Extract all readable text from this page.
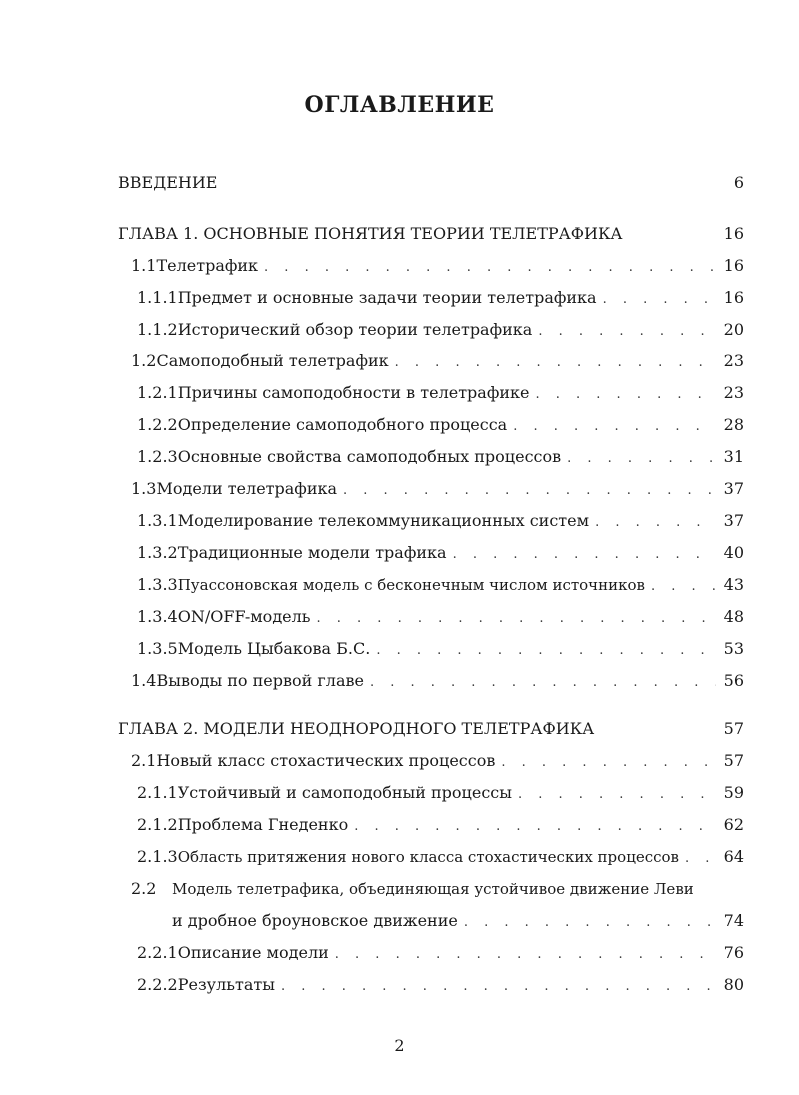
ОГЛАВЛЕНИЕ
ВВЕДЕНИЕ	6
ГЛАВА 1. ОСНОВНЫЕ ПОНЯТИЯ ТЕОРИИ ТЕЛЕТРАФИКА	16
1.1 Телетрафик . . .	16
1.1.1 Предмет и основные задачи теории телетрафика . . .	16
1.1.2 Исторический обзор теории телетрафика . . .	20
1.2 Самоподобный телетрафик . . .	23
1.2.1 Причины самоподобности в телетрафике . . .	23
1.2.2 Определение самоподобного процесса . . .	28
1.2.3 Основные свойства самоподобных процессов . . .	31
1.3 Модели телетрафика . . .	37
1.3.1 Моделирование телекоммуникационных систем . . .	37
1.3.2 Традиционные модели трафика . . .	40
1.3.3 Пуассоновская модель с бесконечным числом источников . . .	43
1.3.4 ON/OFF-модель . . .	48
1.3.5 Модель Цыбакова Б.С. . . .	53
1.4 Выводы по первой главе . . .	56
ГЛАВА 2. МОДЕЛИ НЕОДНОРОДНОГО ТЕЛЕТРАФИКА	57
2.1 Новый класс стохастических процессов . . .	57
2.1.1 Устойчивый и самоподобный процессы . . .	59
2.1.2 Проблема Гнеденко . . .	62
2.1.3 Область притяжения нового класса стохастических процессов . . .	64
2.2	Модель телетрафика, объединяющая устойчивое движение Леви
и дробное броуновское движение . . .	74
2.2.1 Описание модели . . .	76
2.2.2 Результаты . . .	80
2
